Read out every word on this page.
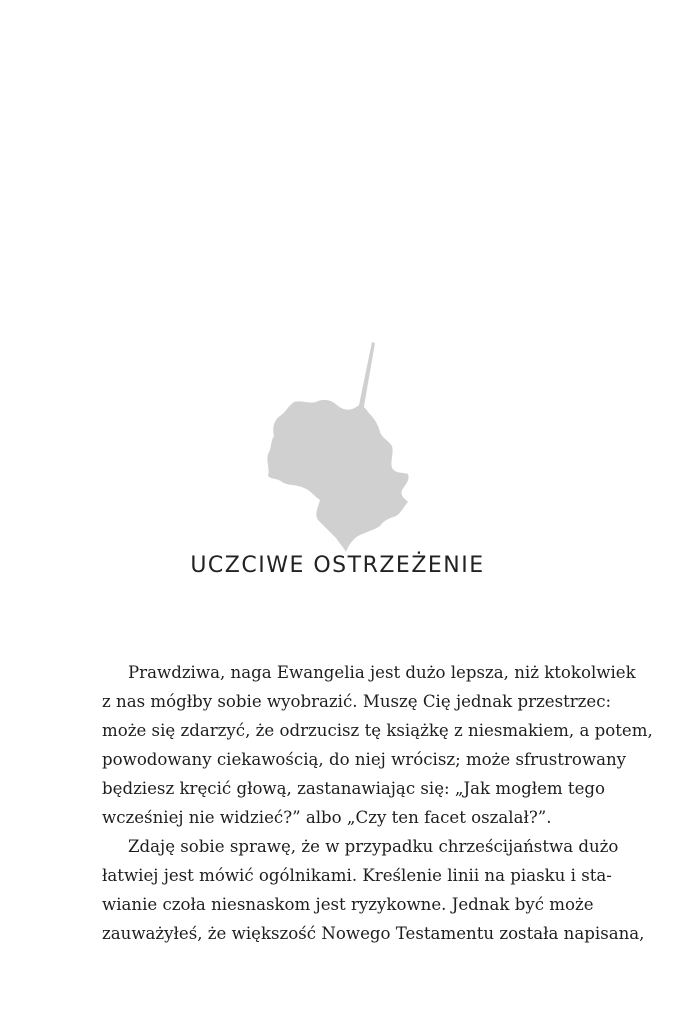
UCZCIWE OSTRZEŻENIE

Prawdziwa, naga Ewangelia jest dużo lepsza, niż ktokolwiek
z nas mógłby sobie wyobrazić. Muszę Cię jednak przestrzec:
może się zdarzyć, że odrzucisz tę książkę z niesmakiem, a potem,
powodowany ciekawością, do niej wrócisz; może sfrustrowany
będziesz kręcić głową, zastanawiając się: „Jak mogłem tego
wcześniej nie widzieć?” albo „Czy ten facet oszalał?”.

Zdaję sobie sprawę, że w przypadku chrześcijaństwa dużo
łatwiej jest mówić ogólnikami. Kreślenie linii na piasku i sta-
wianie czoła niesnaskom jest ryzykowne. Jednak być może
zauważyłeś, że większość Nowego Testamentu została napisana,
